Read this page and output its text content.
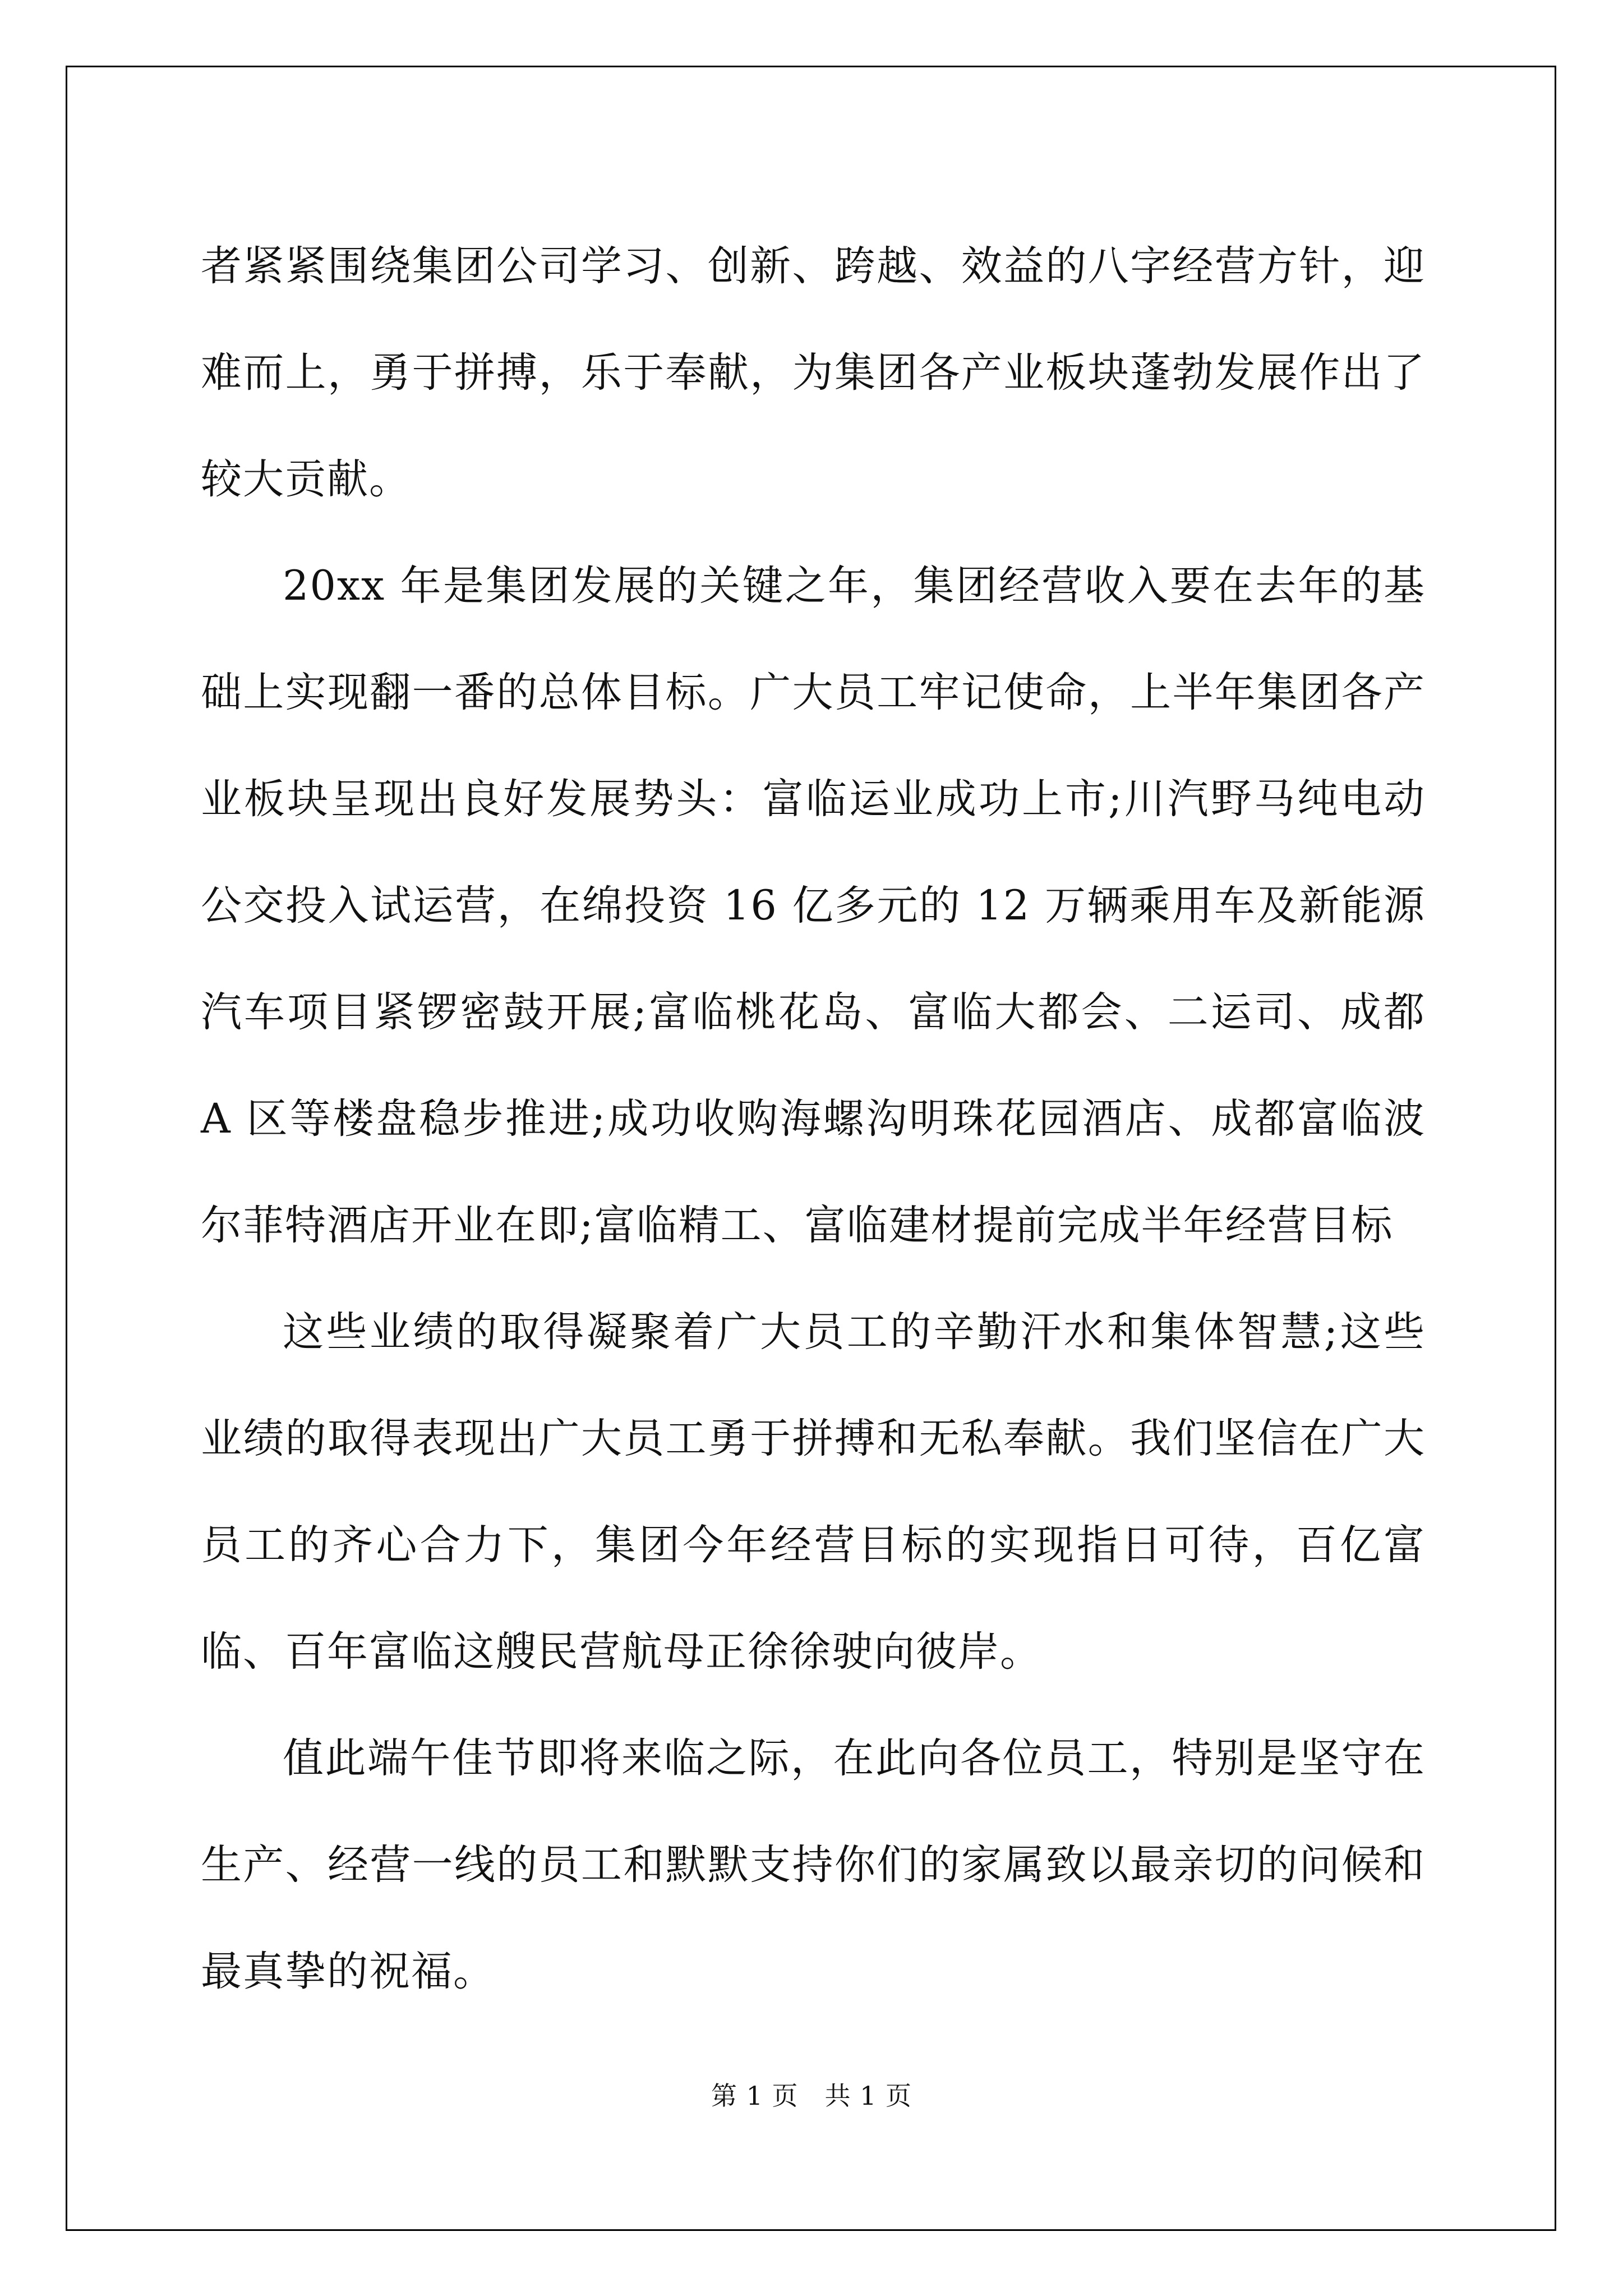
者紧紧围绕集团公司学习、创新、跨越、效益的八字经营方针，迎难而上，勇于拼搏，乐于奉献，为集团各产业板块蓬勃发展作出了较大贡献。

20xx 年是集团发展的关键之年，集团经营收入要在去年的基础上实现翻一番的总体目标。广大员工牢记使命，上半年集团各产业板块呈现出良好发展势头：富临运业成功上市;川汽野马纯电动公交投入试运营，在绵投资 16 亿多元的 12 万辆乘用车及新能源汽车项目紧锣密鼓开展;富临桃花岛、富临大都会、二运司、成都 A 区等楼盘稳步推进;成功收购海螺沟明珠花园酒店、成都富临波尔菲特酒店开业在即;富临精工、富临建材提前完成半年经营目标

这些业绩的取得凝聚着广大员工的辛勤汗水和集体智慧;这些业绩的取得表现出广大员工勇于拼搏和无私奉献。我们坚信在广大员工的齐心合力下，集团今年经营目标的实现指日可待，百亿富临、百年富临这艘民营航母正徐徐驶向彼岸。

值此端午佳节即将来临之际，在此向各位员工，特别是坚守在生产、经营一线的员工和默默支持你们的家属致以最亲切的问候和最真挚的祝福。

第 1 页　共 1 页
